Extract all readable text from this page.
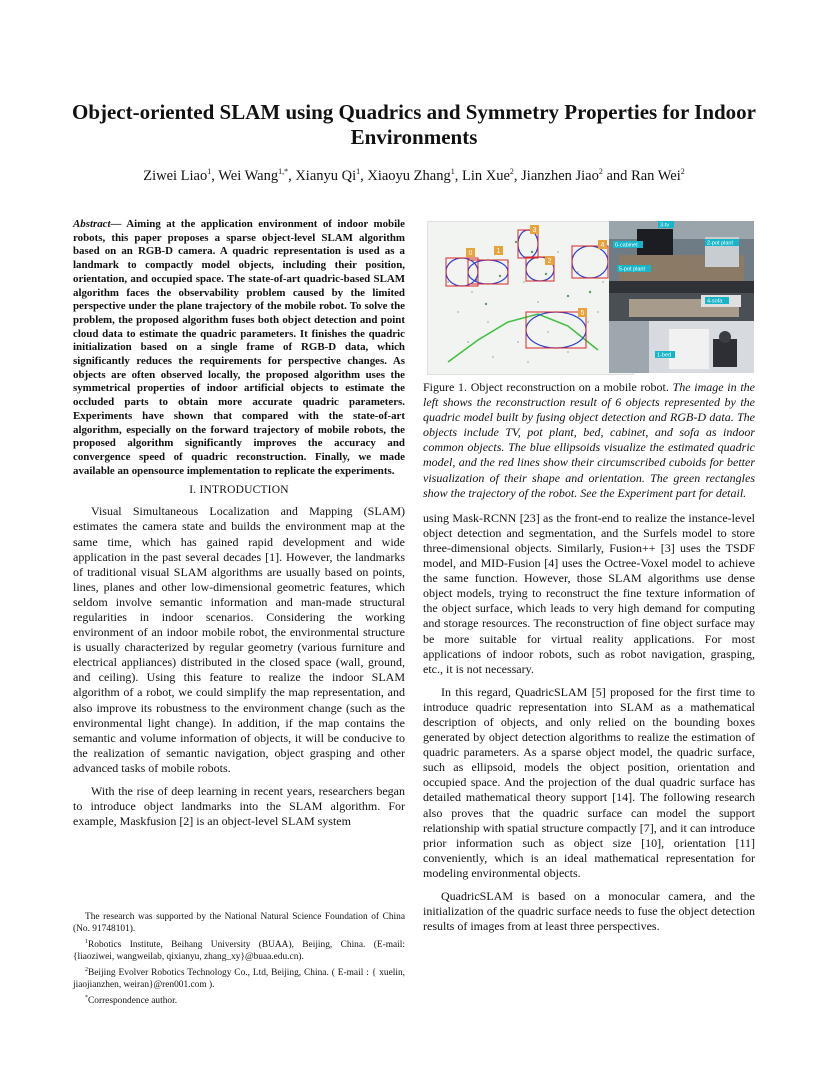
Object-oriented SLAM using Quadrics and Symmetry Properties for Indoor Environments
Ziwei Liao$^1$, Wei Wang$^{1,*}$, Xianyu Qi$^1$, Xiaoyu Zhang$^1$, Lin Xue$^2$, Jianzhen Jiao$^2$ and Ran Wei$^2$

Abstract— Aiming at the application environment of indoor mobile robots, this paper proposes a sparse object-level SLAM algorithm based on an RGB-D camera. A quadric representation is used as a landmark to compactly model objects, including their position, orientation, and occupied space. The state-of-art quadric-based SLAM algorithm faces the observability problem caused by the limited perspective under the plane trajectory of the mobile robot. To solve the problem, the proposed algorithm fuses both object detection and point cloud data to estimate the quadric parameters. It finishes the quadric initialization based on a single frame of RGB-D data, which significantly reduces the requirements for perspective changes. As objects are often observed locally, the proposed algorithm uses the symmetrical properties of indoor artificial objects to estimate the occluded parts to obtain more accurate quadric parameters. Experiments have shown that compared with the state-of-art algorithm, especially on the forward trajectory of mobile robots, the proposed algorithm significantly improves the accuracy and convergence speed of quadric reconstruction. Finally, we made available an opensource implementation to replicate the experiments.

I. INTRODUCTION

Visual Simultaneous Localization and Mapping (SLAM) estimates the camera state and builds the environment map at the same time, which has gained rapid development and wide application in the past several decades [1]. However, the landmarks of traditional visual SLAM algorithms are usually based on points, lines, planes and other low-dimensional geometric features, which seldom involve semantic information and man-made structural regularities in indoor scenarios. Considering the working environment of an indoor mobile robot, the environmental structure is usually characterized by regular geometry (various furniture and electrical appliances) distributed in the closed space (wall, ground, and ceiling). Using this feature to realize the indoor SLAM algorithm of a robot, we could simplify the map representation, and also improve its robustness to the environment change (such as the environmental light change). In addition, if the map contains the semantic and volume information of objects, it will be conducive to the realization of semantic navigation, object grasping and other advanced tasks of mobile robots.

With the rise of deep learning in recent years, researchers began to introduce object landmarks into the SLAM algorithm. For example, Maskfusion [2] is an object-level SLAM system

0	1
2
3
4
5
3-tv
0-cabinet	2-pot plant
5-pot plant
4-sofa
1-bed
Figure 1. Object reconstruction on a mobile robot. The image in the left shows the reconstruction result of 6 objects represented by the quadric model built by fusing object detection and RGB-D data. The objects include TV, pot plant, bed, cabinet, and sofa as indoor common objects. The blue ellipsoids visualize the estimated quadric model, and the red lines show their circumscribed cuboids for better visualization of their shape and orientation. The green rectangles show the trajectory of the robot. See the Experiment part for detail.

using Mask-RCNN [23] as the front-end to realize the instance-level object detection and segmentation, and the Surfels model to store three-dimensional objects. Similarly, Fusion++ [3] uses the TSDF model, and MID-Fusion [4] uses the Octree-Voxel model to achieve the same function. However, those SLAM algorithms use dense object models, trying to reconstruct the fine texture information of the object surface, which leads to very high demand for computing and storage resources. The reconstruction of fine object surface may be more suitable for virtual reality applications. For most applications of indoor robots, such as robot navigation, grasping, etc., it is not necessary.

In this regard, QuadricSLAM [5] proposed for the first time to introduce quadric representation into SLAM as a mathematical description of objects, and only relied on the bounding boxes generated by object detection algorithms to realize the estimation of quadric parameters. As a sparse object model, the quadric surface, such as ellipsoid, models the object position, orientation and occupied space. And the projection of the dual quadric surface has detailed mathematical theory support [14]. The following research also proves that the quadric surface can model the support relationship with spatial structure compactly [7], and it can introduce prior information such as object size [10], orientation [11] conveniently, which is an ideal mathematical representation for modeling environmental objects.

QuadricSLAM is based on a monocular camera, and the initialization of the quadric surface needs to fuse the object detection results of images from at least three perspectives.

The research was supported by the National Natural Science Foundation of China (No. 91748101).

$^1$Robotics Institute, Beihang University (BUAA), Beijing, China. (E-mail: {liaoziwei, wangweilab, qixianyu, zhang_xy}@buaa.edu.cn).

$^2$Beijing Evolver Robotics Technology Co., Ltd, Beijing, China. ( E-mail : { xuelin, jiaojianzhen, weiran}@ren001.com ).

*Correspondence author.
